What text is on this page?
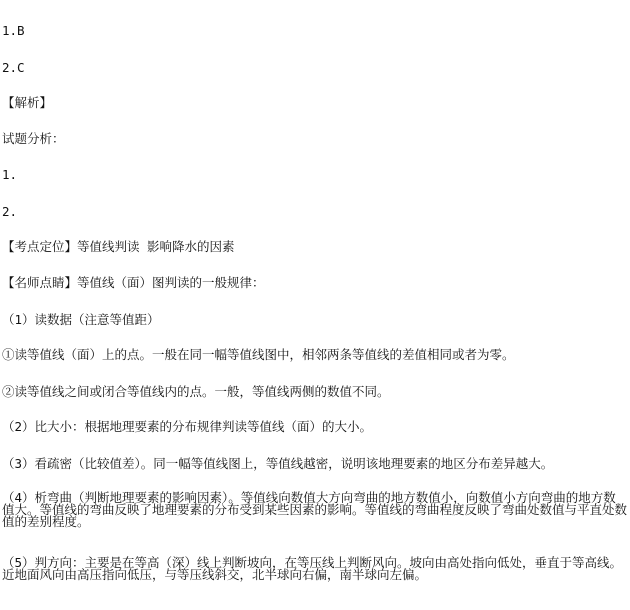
1.B
2.C
【解析】
试题分析：
1.
2.
【考点定位】等值线判读 影响降水的因素
【名师点睛】等值线（面）图判读的一般规律：
（1）读数据（注意等值距）
①读等值线（面）上的点。一般在同一幅等值线图中，相邻两条等值线的差值相同或者为零。
②读等值线之间或闭合等值线内的点。一般，等值线两侧的数值不同。
（2）比大小：根据地理要素的分布规律判读等值线（面）的大小。
（3）看疏密（比较值差）。同一幅等值线图上，等值线越密，说明该地理要素的地区分布差异越大。
（4）析弯曲（判断地理要素的影响因素）。等值线向数值大方向弯曲的地方数值小，向数值小方向弯曲的地方数值大。等值线的弯曲反映了地理要素的分布受到某些因素的影响。等值线的弯曲程度反映了弯曲处数值与平直处数值的差别程度。
（5）判方向：主要是在等高（深）线上判断坡向，在等压线上判断风向。坡向由高处指向低处，垂直于等高线。近地面风向由高压指向低压，与等压线斜交，北半球向右偏，南半球向左偏。
